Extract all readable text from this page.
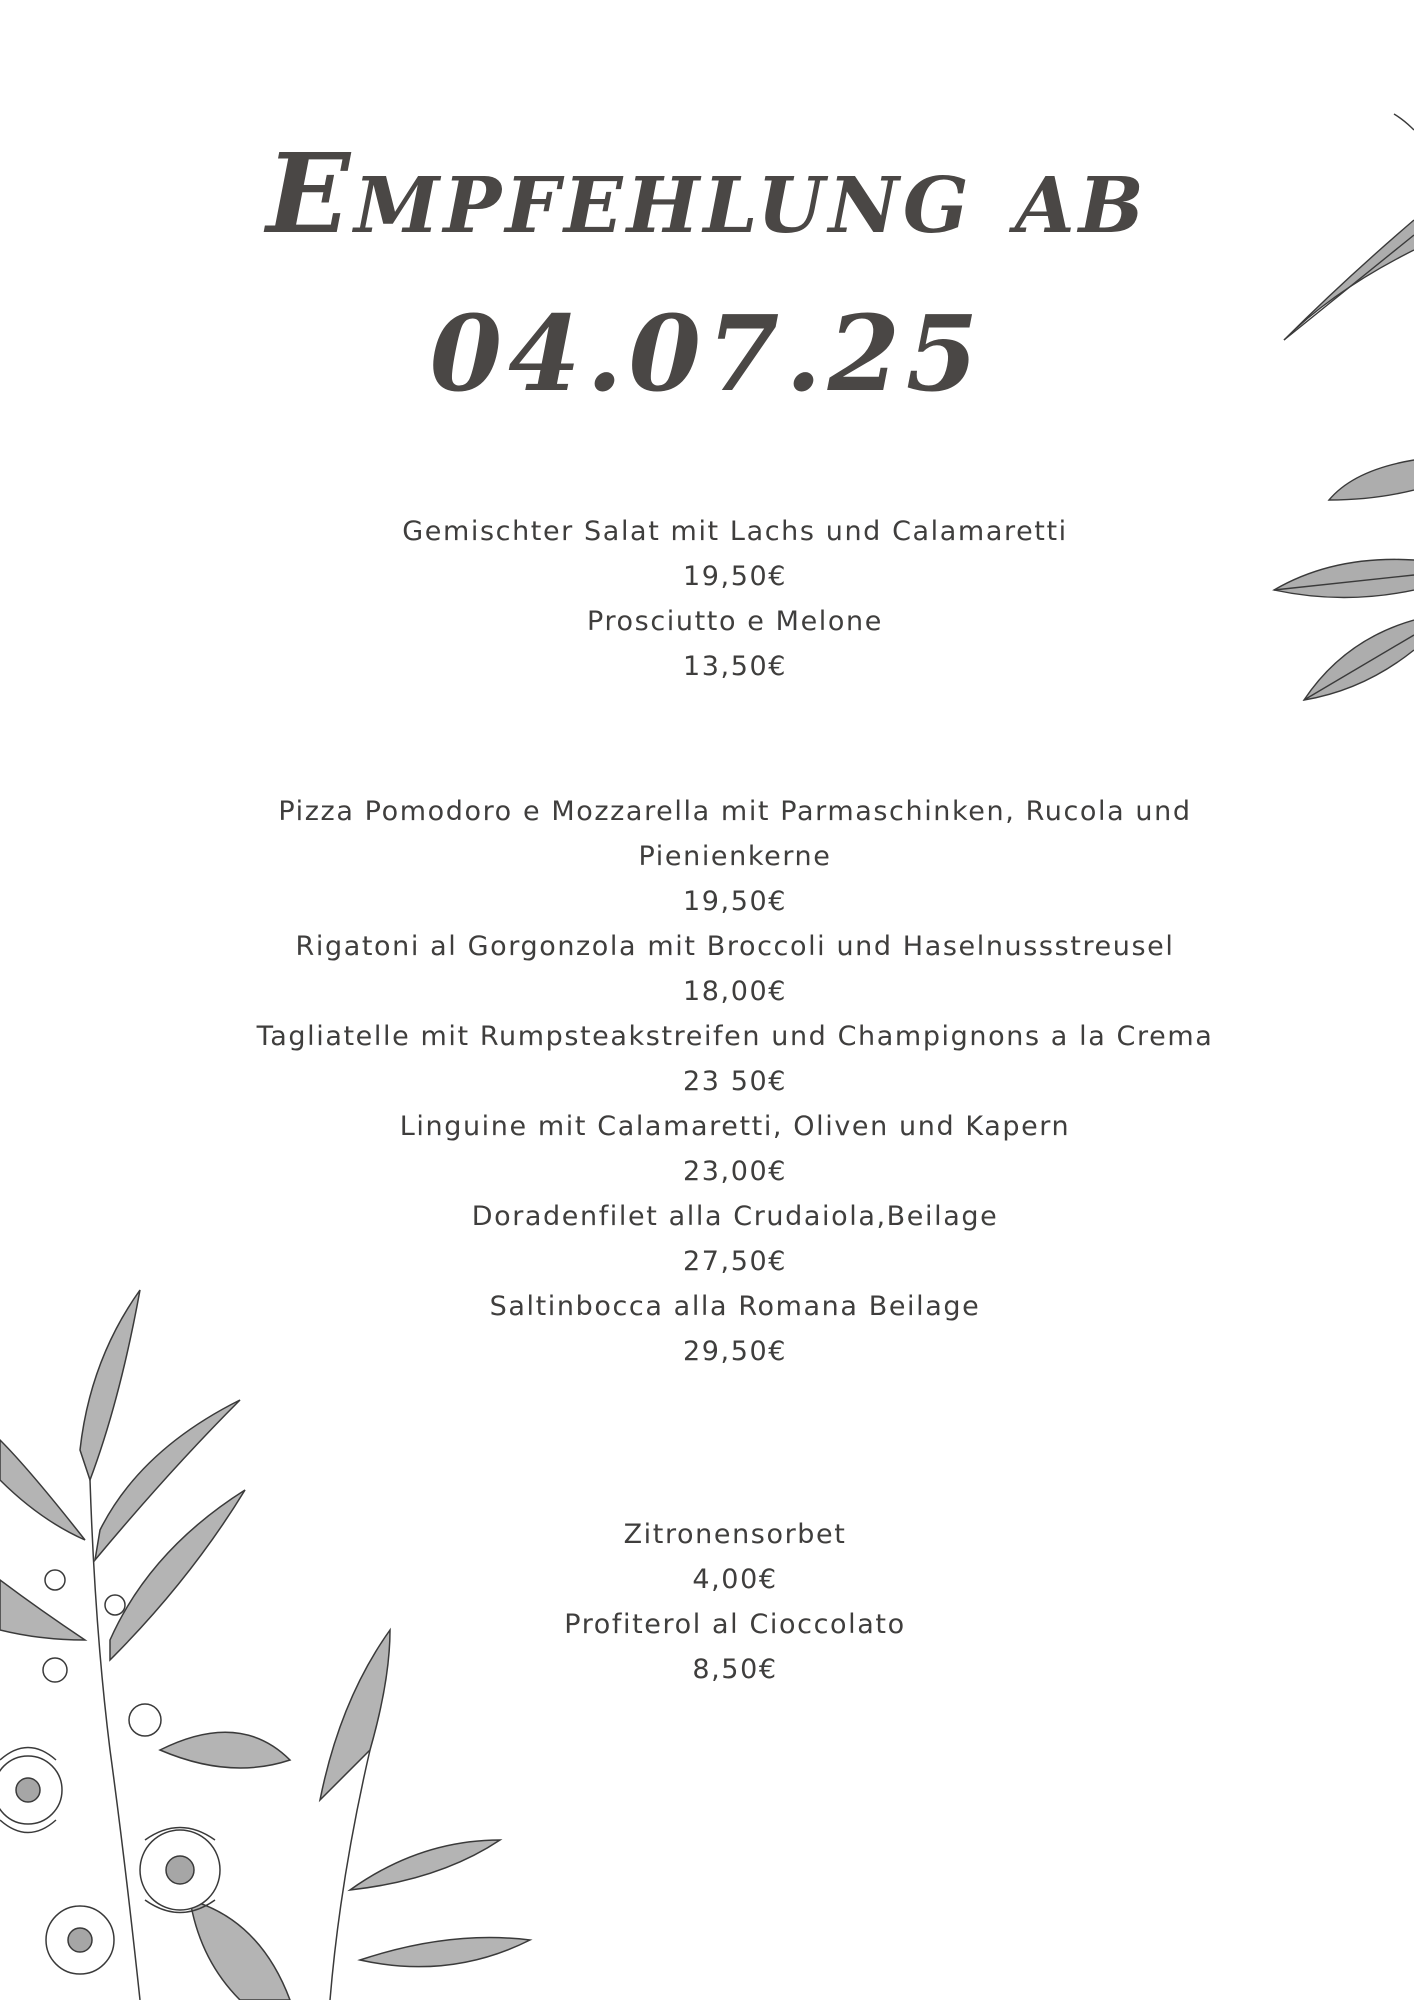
Empfehlung ab
04.07.25
Gemischter Salat mit Lachs und Calamaretti
19,50€
Prosciutto e Melone
13,50€
Pizza Pomodoro e Mozzarella mit Parmaschinken, Rucola und Pienienkerne
19,50€
Rigatoni al Gorgonzola mit Broccoli und Haselnussstreusel
18,00€
Tagliatelle mit Rumpsteakstreifen und Champignons a la Crema
23 50€
Linguine mit Calamaretti, Oliven und Kapern
23,00€
Doradenfilet alla Crudaiola,Beilage
27,50€
Saltinbocca alla Romana Beilage
29,50€
Zitronensorbet
4,00€
Profiterol al Cioccolato
8,50€
